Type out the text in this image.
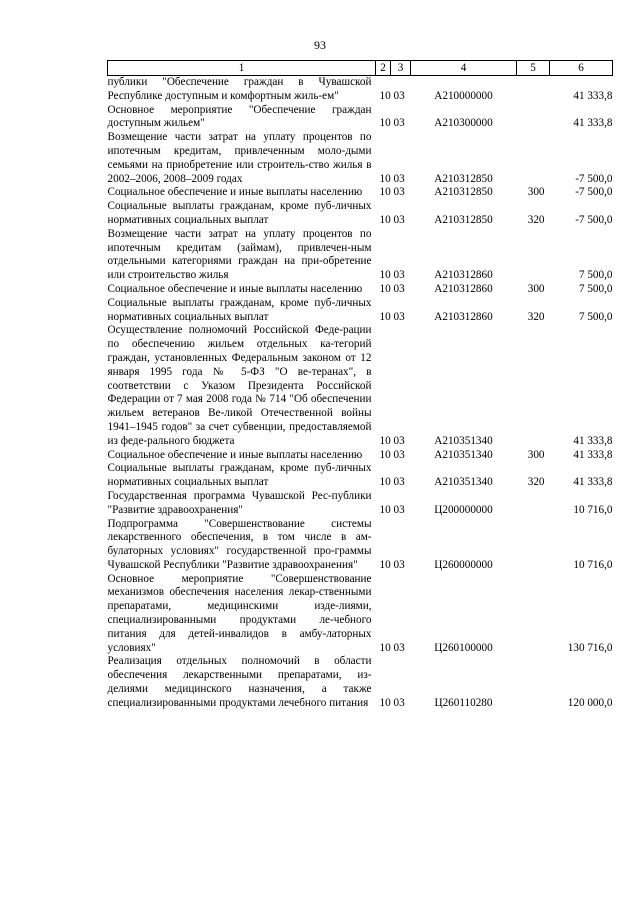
93
1	2	3	4	5	6
публики "Обеспечение граждан в Чувашской Республике доступным и комфортным жиль-ем"	10	03	A210000000		41 333,8
Основное мероприятие "Обеспечение граждан доступным жильем"	10	03	A210300000		41 333,8
Возмещение части затрат на уплату процентов по ипотечным кредитам, привлеченным моло-дыми семьями на приобретение или строитель-ство жилья в 2002–2006, 2008–2009 годах	10	03	A210312850		-7 500,0
Социальное обеспечение и иные выплаты населению	10	03	A210312850	300	-7 500,0
Социальные выплаты гражданам, кроме пуб-личных нормативных социальных выплат	10	03	A210312850	320	-7 500,0
Возмещение части затрат на уплату процентов по ипотечным кредитам (займам), привлечен-ным отдельными категориями граждан на при-обретение или строительство жилья	10	03	A210312860		7 500,0
Социальное обеспечение и иные выплаты населению	10	03	A210312860	300	7 500,0
Социальные выплаты гражданам, кроме пуб-личных нормативных социальных выплат	10	03	A210312860	320	7 500,0
Осуществление полномочий Российской Феде-рации по обеспечению жильем отдельных ка-тегорий граждан, установленных Федеральным законом от 12 января 1995 года № 5-ФЗ "О ве-теранах", в соответствии с Указом Президента Российской Федерации от 7 мая 2008 года № 714 "Об обеспечении жильем ветеранов Ве-ликой Отечественной войны 1941–1945 годов" за счет субвенции, предоставляемой из феде-рального бюджета	10	03	A210351340		41 333,8
Социальное обеспечение и иные выплаты населению	10	03	A210351340	300	41 333,8
Социальные выплаты гражданам, кроме пуб-личных нормативных социальных выплат	10	03	A210351340	320	41 333,8
Государственная программа Чувашской Рес-публики "Развитие здравоохранения"	10	03	Ц200000000		10 716,0
Подпрограмма "Совершенствование системы лекарственного обеспечения, в том числе в ам-булаторных условиях" государственной про-граммы Чувашской Республики "Развитие здравоохранения"	10	03	Ц260000000		10 716,0
Основное мероприятие "Совершенствование механизмов обеспечения населения лекар-ственными препаратами, медицинскими изде-лиями, специализированными продуктами ле-чебного питания для детей-инвалидов в амбу-латорных условиях"	10	03	Ц260100000		130 716,0
Реализация отдельных полномочий в области обеспечения лекарственными препаратами, из-делиями медицинского назначения, а также специализированными продуктами лечебного питания	10	03	Ц260110280		120 000,0
